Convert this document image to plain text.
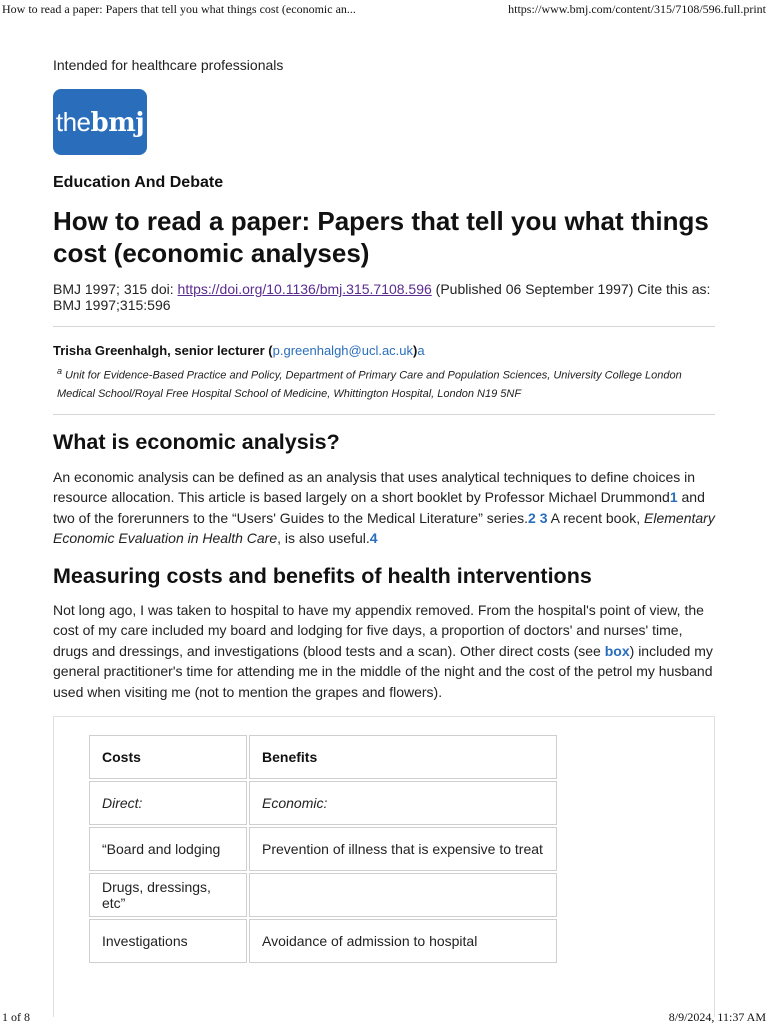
How to read a paper: Papers that tell you what things cost (economic an...	https://www.bmj.com/content/315/7108/596.full.print
Intended for healthcare professionals
thebmj
Education And Debate
How to read a paper: Papers that tell you what things cost (economic analyses)
BMJ 1997; 315 doi: https://doi.org/10.1136/bmj.315.7108.596 (Published 06 September 1997) Cite this as: BMJ 1997;315:596
Trisha Greenhalgh, senior lecturer (p.greenhalgh@ucl.ac.uk)a
$^a$ Unit for Evidence-Based Practice and Policy, Department of Primary Care and Population Sciences, University College London Medical School/Royal Free Hospital School of Medicine, Whittington Hospital, London N19 5NF
What is economic analysis?

An economic analysis can be defined as an analysis that uses analytical techniques to define choices in resource allocation. This article is based largely on a short booklet by Professor Michael Drummond1 and two of the forerunners to the “Users' Guides to the Medical Literature” series.2 3 A recent book, Elementary Economic Evaluation in Health Care, is also useful.4

Measuring costs and benefits of health interventions

Not long ago, I was taken to hospital to have my appendix removed. From the hospital's point of view, the cost of my care included my board and lodging for five days, a proportion of doctors' and nurses' time, drugs and dressings, and investigations (blood tests and a scan). Other direct costs (see box) included my general practitioner's time for attending me in the middle of the night and the cost of the petrol my husband used when visiting me (not to mention the grapes and flowers).

Costs	Benefits
Direct:	Economic:
“Board and lodging	Prevention of illness that is expensive to treat
Drugs, dressings, etc”	
Investigations	Avoidance of admission to hospital
1 of 8	8/9/2024, 11:37 AM
